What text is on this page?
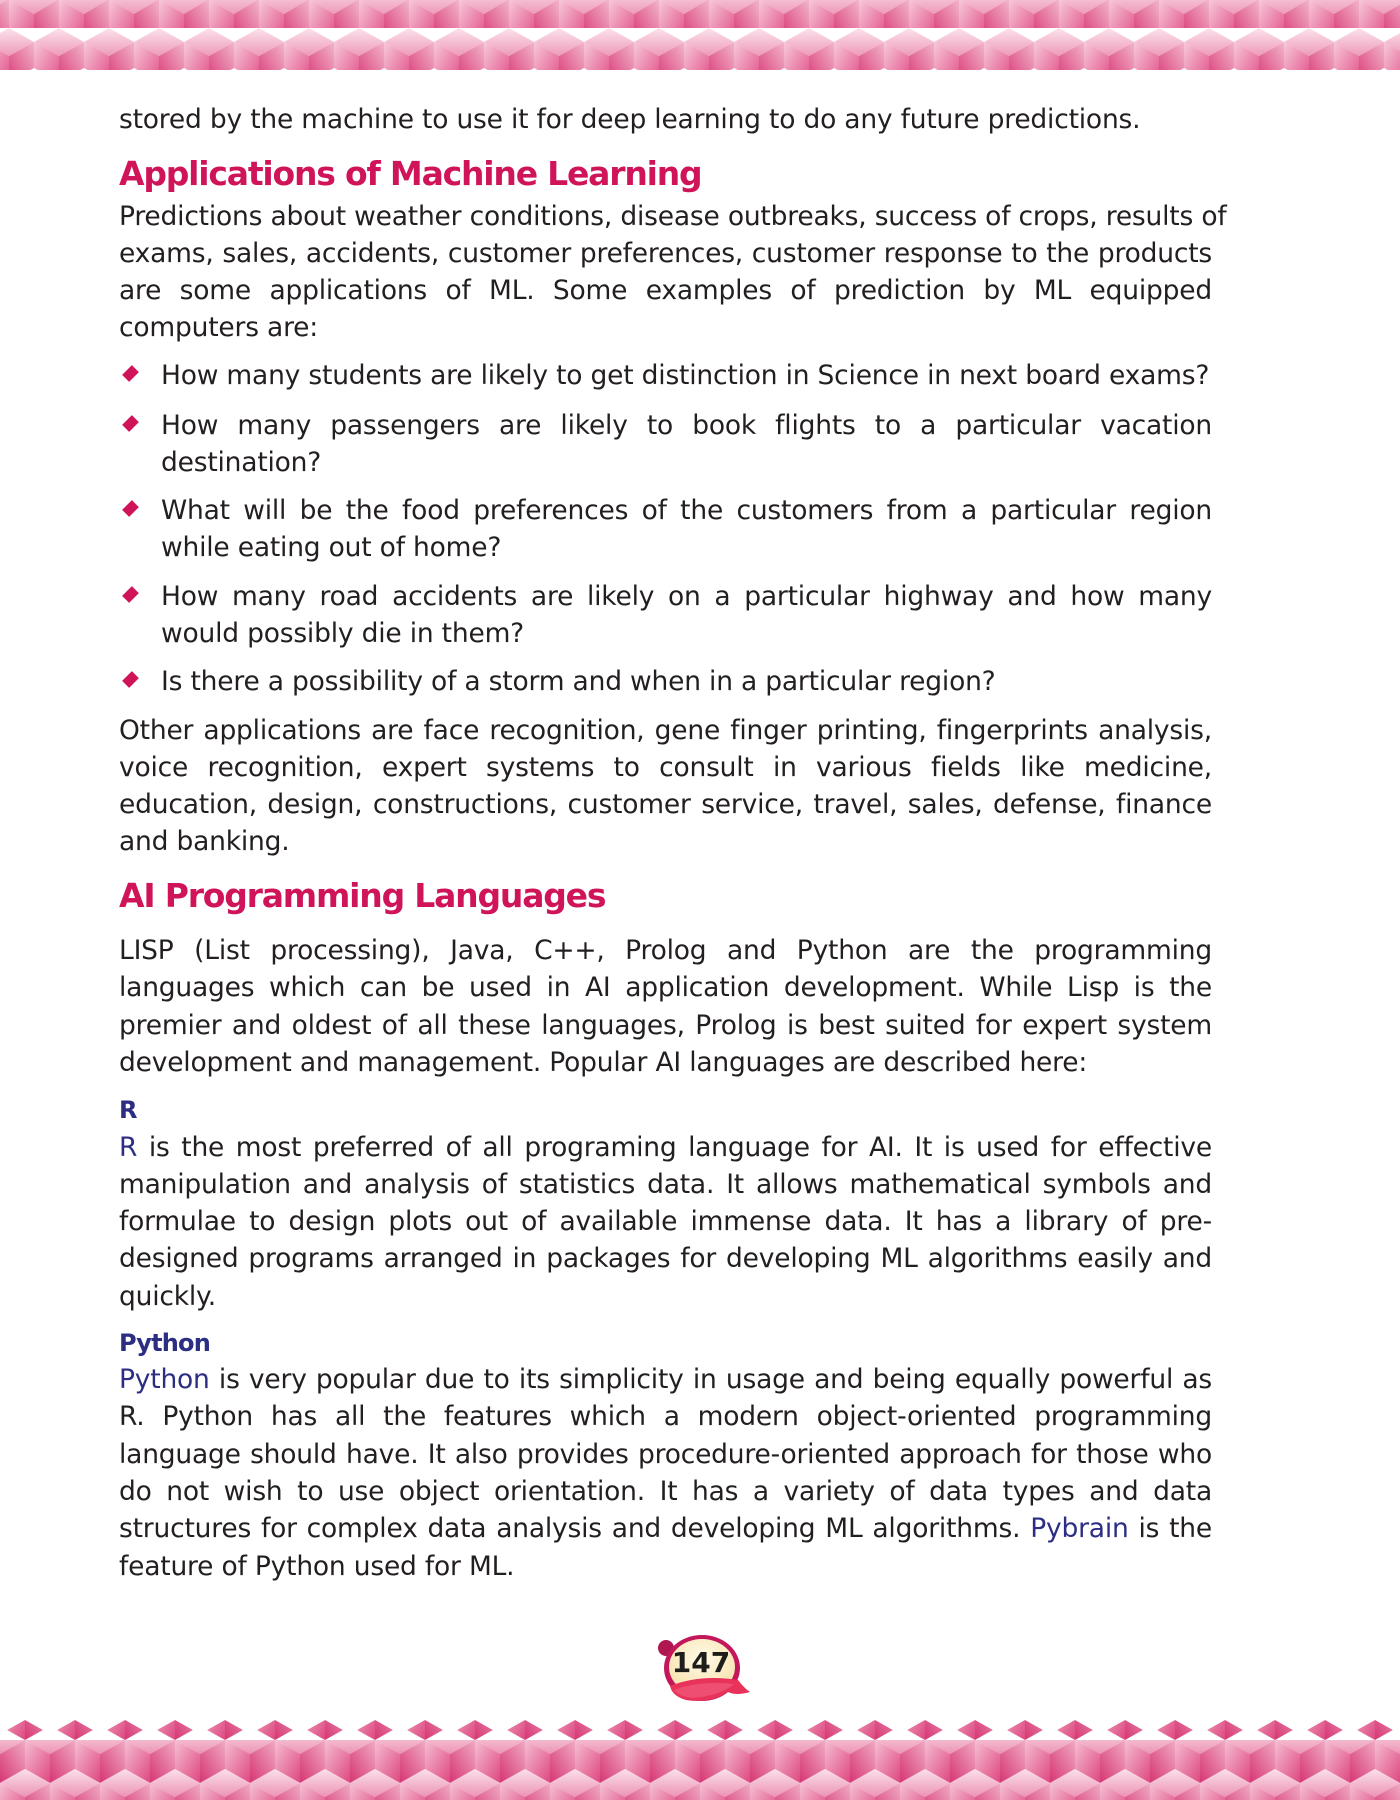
stored by the machine to use it for deep learning to do any future predictions.
Applications of Machine Learning
Predictions about weather conditions, disease outbreaks, success of crops, results of
exams, sales, accidents, customer preferences, customer response to the products
are some applications of ML. Some examples of prediction by ML equipped
computers are:
How many students are likely to get distinction in Science in next board exams?
How many passengers are likely to book flights to a particular vacation
destination?
What will be the food preferences of the customers from a particular region
while eating out of home?
How many road accidents are likely on a particular highway and how many
would possibly die in them?
Is there a possibility of a storm and when in a particular region?
Other applications are face recognition, gene finger printing, fingerprints analysis,
voice recognition, expert systems to consult in various fields like medicine,
education, design, constructions, customer service, travel, sales, defense, finance
and banking.
AI Programming Languages
LISP (List processing), Java, C++, Prolog and Python are the programming
languages which can be used in AI application development. While Lisp is the
premier and oldest of all these languages, Prolog is best suited for expert system
development and management. Popular AI languages are described here:
R
R is the most preferred of all programing language for AI. It is used for effective
manipulation and analysis of statistics data. It allows mathematical symbols and
formulae to design plots out of available immense data. It has a library of pre-
designed programs arranged in packages for developing ML algorithms easily and
quickly.
Python
Python is very popular due to its simplicity in usage and being equally powerful as
R. Python has all the features which a modern object-oriented programming
language should have. It also provides procedure-oriented approach for those who
do not wish to use object orientation. It has a variety of data types and data
structures for complex data analysis and developing ML algorithms. Pybrain is the
feature of Python used for ML.
147
